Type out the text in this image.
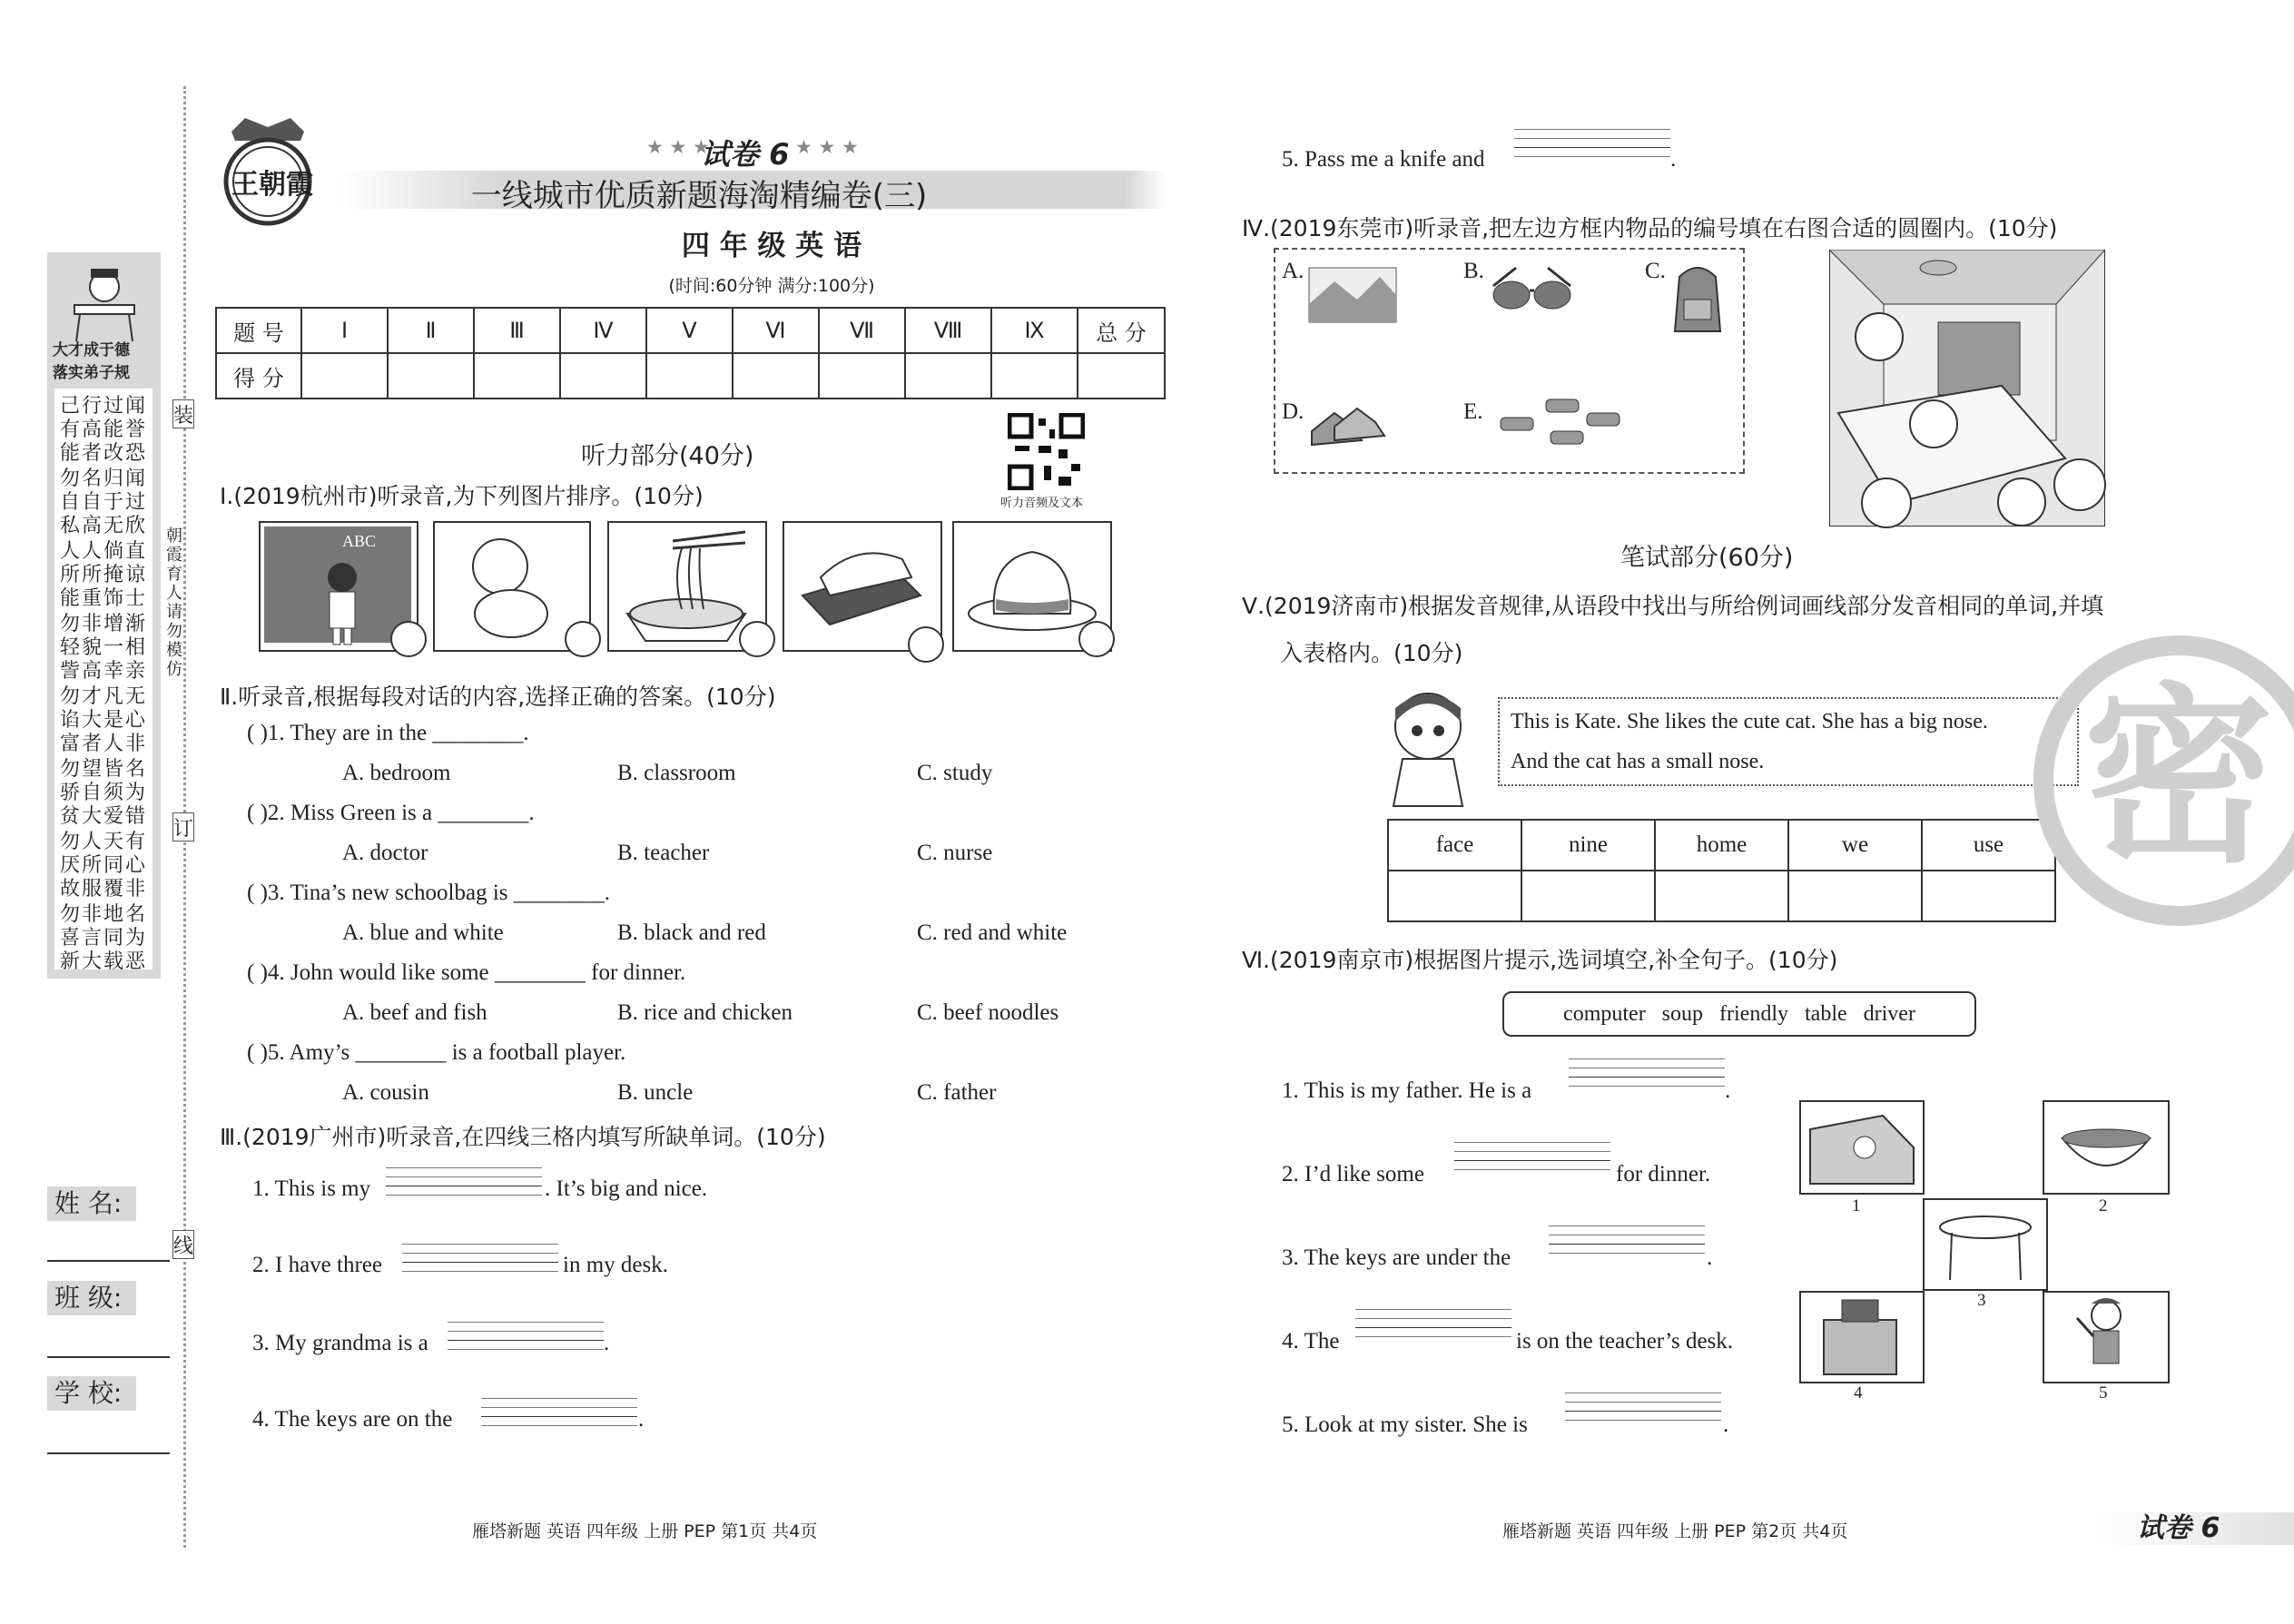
装
朝霞育人 请勿模仿
订
线
大才成于德
落实弟子规
己行过闻
有高能誉
能者改恐
勿名归闻
自自于过
私高无欣
人人倘直
所所掩谅
能重饰士
勿非增渐
轻貌一相
訾高幸亲
勿才凡无
谄大是心
富者人非
勿望皆名
骄自须为
贫大爱错
勿人天有
厌所同心
故服覆非
勿非地名
喜言同为
新大载恶
姓 名:
班 级:
学 校:
王朝霞
★ ★ ★
试卷 6 ★ ★ ★
一线城市优质新题海淘精编卷(三)
四 年 级 英 语
(时间:60分钟 满分:100分)
题 号	Ⅰ	Ⅱ	Ⅲ	Ⅳ	Ⅴ	Ⅵ	Ⅶ	Ⅷ	Ⅸ	总 分
得 分										
听力部分(40分)
听力音频及文本
Ⅰ.(2019杭州市)听录音,为下列图片排序。(10分)
ABC
Ⅱ.听录音,根据每段对话的内容,选择正确的答案。(10分)
( )1. They are in the ________.
A. bedroom	B. classroom	C. study
( )2. Miss Green is a ________.
A. doctor	B. teacher	C. nurse
( )3. Tina’s new schoolbag is ________.
A. blue and white	B. black and red	C. red and white
( )4. John would like some ________ for dinner.
A. beef and fish	B. rice and chicken	C. beef noodles
( )5. Amy’s ________ is a football player.
A. cousin	B. uncle	C. father
Ⅲ.(2019广州市)听录音,在四线三格内填写所缺单词。(10分)
1. This is my	. It’s big and nice.
2. I have three	in my desk.
3. My grandma is a	.
4. The keys are on the	.
雁塔新题 英语 四年级 上册 PEP 第1页 共4页
5. Pass me a knife and	.
Ⅳ.(2019东莞市)听录音,把左边方框内物品的编号填在右图合适的圆圈内。(10分)
A.	B.	C.
D.	E.
笔试部分(60分)
Ⅴ.(2019济南市)根据发音规律,从语段中找出与所给例词画线部分发音相同的单词,并填
入表格内。(10分)
This is Kate. She likes the cute cat. She has a big nose.
And the cat has a small nose.
face	nine	home	we	use

Ⅵ.(2019南京市)根据图片提示,选词填空,补全句子。(10分)
computer   soup   friendly   table   driver
1. This is my father. He is a	.
2. I’d like some	for dinner.
3. The keys are under the	.
4. The	is on the teacher’s desk.
5. Look at my sister. She is	.
1	2
3
4	5
密
雁塔新题 英语 四年级 上册 PEP 第2页 共4页	试卷 6
